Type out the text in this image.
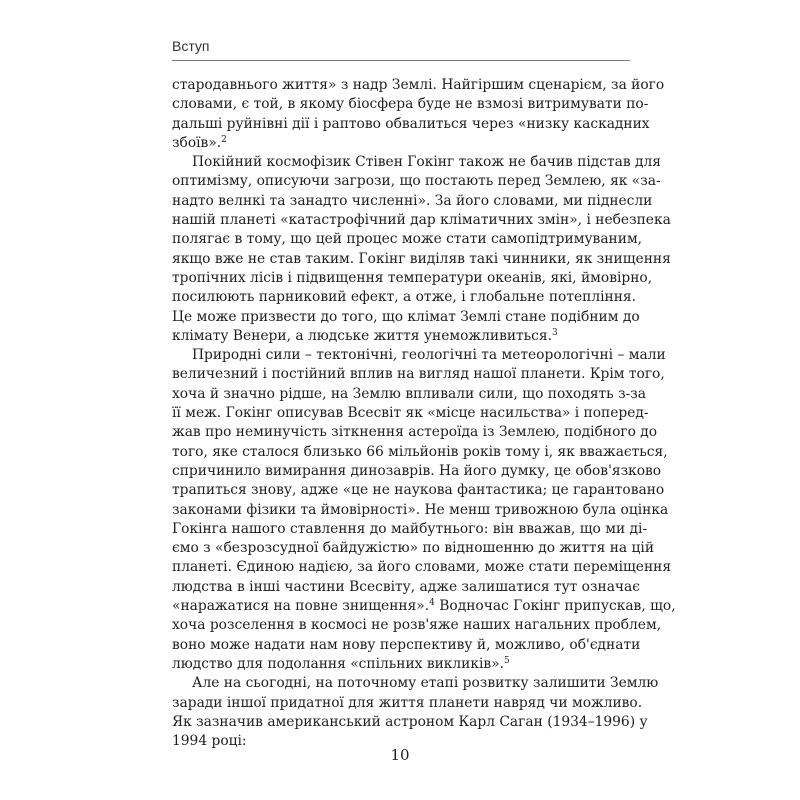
Вступ

стародавнього життя» з надр Землі. Найгіршим сценарієм, за його
словами, є той, в якому біосфера буде не взмозі витримувати по-
дальші руйнівні дії і раптово обвалиться через «низку каскадних
збоїв».$^2$

Покійний космофізик Стівен Гокінг також не бачив підстав для
оптимізму, описуючи загрози, що постають перед Землею, як «за-
надто велнкі та занадто численні». За його словами, ми піднесли
нашій планеті «катастрофічний дар кліматичних змін», і небезпека
полягає в тому, що цей процес може стати самопідтримуваним,
якщо вже не став таким. Гокінг виділяв такі чинники, як знищення
тропічних лісів і підвищення температури океанів, які, ймовірно,
посилюють парниковий ефект, а отже, і глобальне потепління.
Це може призвести до того, що клімат Землі стане подібним до
клімату Венери, а людське життя унеможливиться.$^3$

Природні сили – тектонічні, геологічні та метеорологічні – мали
величезний і постійний вплив на вигляд нашої планети. Крім того,
хоча й значно рідше, на Землю впливали сили, що походять з-за
її меж. Гокінг описував Всесвіт як «місце насильства» і поперед-
жав про неминучість зіткнення астероїда із Землею, подібного до
того, яке сталося близько 66 мільйонів років тому і, як вважається,
спричинило вимирання динозаврів. На його думку, це обов'язково
трапиться знову, адже «це не наукова фантастика; це гарантовано
законами фізики та ймовірності». Не менш тривожною була оцінка
Гокінга нашого ставлення до майбутнього: він вважав, що ми ді-
ємо з «безрозсудної байдужістю» по відношенню до життя на цій
планеті. Єдиною надією, за його словами, може стати переміщення
людства в інші частини Всесвіту, адже залишатися тут означає
«наражатися на повне знищення».$^4$ Водночас Гокінг припускав, що,
хоча розселення в космосі не розв'яже наших нагальних проблем,
воно може надати нам нову перспективу й, можливо, об'єднати
людство для подолання «спільних викликів».$^5$

Але на сьогодні, на поточному етапі розвитку залишити Землю
заради іншої придатної для життя планети навряд чи можливо.
Як зазначив американський астроном Карл Саган (1934–1996) у
1994 році:

10
